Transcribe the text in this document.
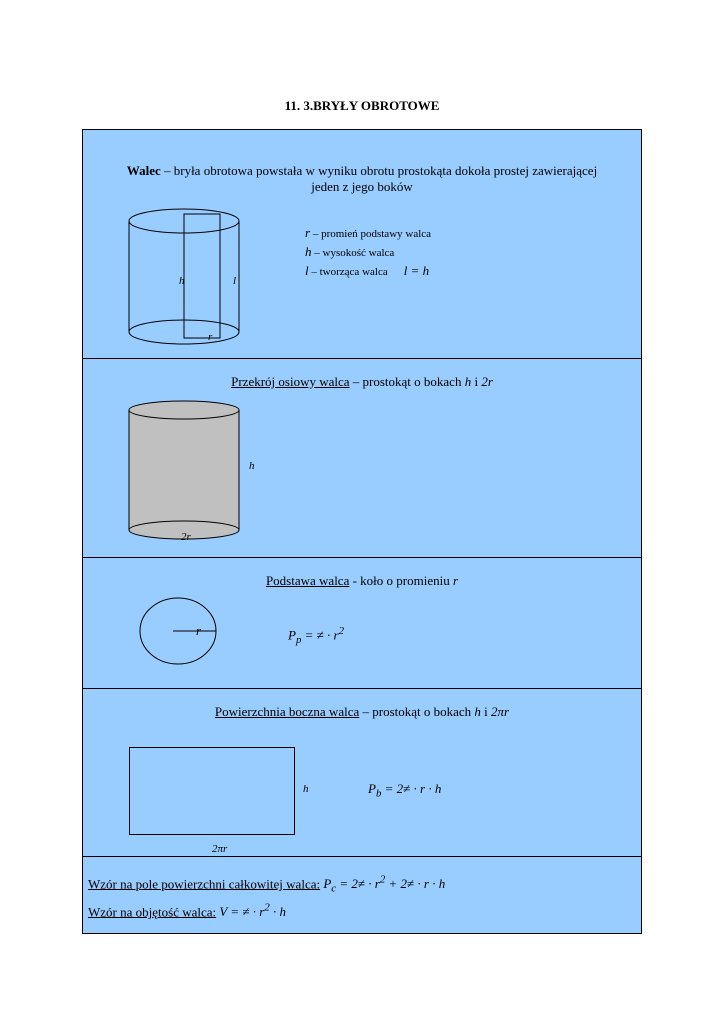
11. 3.BRYŁY OBROTOWE
Walec – bryła obrotowa powstała w wyniku obrotu prostokąta dokoła prostej zawierającej
jeden z jego boków
h	l
r
r – promień podstawy walca
h – wysokość walca
l – tworząca walca l = h
Przekrój osiowy walca – prostokąt o bokach h i 2r
h
2r
Podstawa walca - koło o promieniu r
r	$P_p$ = ≠ · $r^2$
Powierzchnia boczna walca – prostokąt o bokach h i 2πr
h
2πr
$P_b = 2\ne \cdot r \cdot h$
Wzór na pole powierzchni całkowitej walca: $P_c = 2\ne \cdot r^2 + 2\ne \cdot r \cdot h$
Wzór na objętość walca: V = ≠ · $r^2 \cdot h$
